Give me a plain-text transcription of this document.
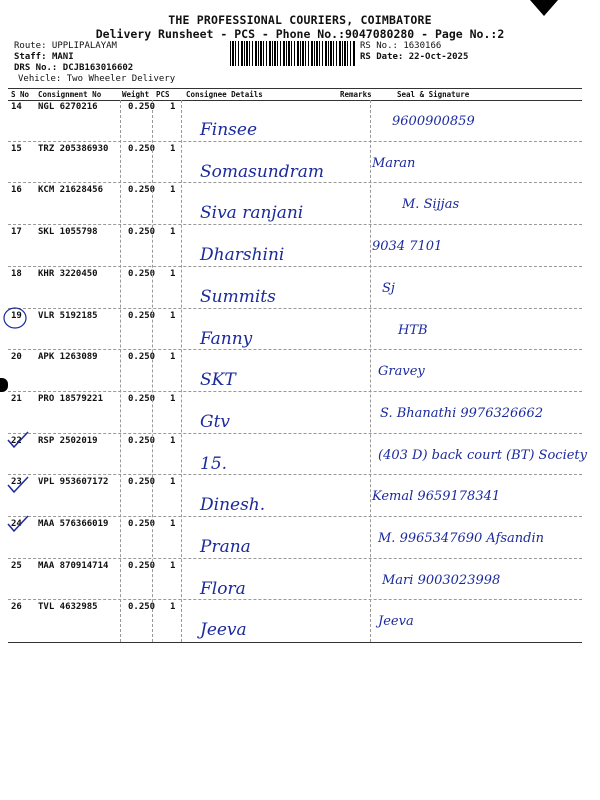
THE PROFESSIONAL COURIERS, COIMBATORE
Delivery Runsheet - PCS - Phone No.:9047080280 - Page No.:2
Route: UPPLIPALAYAM
Staff: MANI
DRS No.: DCJB163016602
Vehicle: Two Wheeler Delivery
RS No.: 1630166
RS Date: 22-Oct-2025
S No Consignment No	Weight PCS Consignee Details	Remarks	Seal & Signature
14 NGL 6270216	0.250 1
Finsee	9600900859
15 TRZ 205386930 0.250 1
Somasundram	Maran
16 KCM 21628456	0.250 1
Siva ranjani	M. Sijjas
17 SKL 1055798	0.250 1
Dharshini	9034 7101
18 KHR 3220450	0.250 1
Summits	Sj
19 VLR 5192185	0.250 1
Fanny	HTB
20 APK 1263089	0.250 1
SKT	Gravey
21 PRO 18579221	0.250 1
Gtv	S. Bhanathi 9976326662
22 RSP 2502019	0.250 1
15.	(403 D) back court (BT) Society
23 VPL 953607172 0.250 1
Dinesh.	Kemal 9659178341
24 MAA 576366019 0.250 1
Prana	M. 9965347690 Afsandin
25 MAA 870914714 0.250 1
Flora	Mari 9003023998
26 TVL 4632985	0.250 1
Jeeva	Jeeva
